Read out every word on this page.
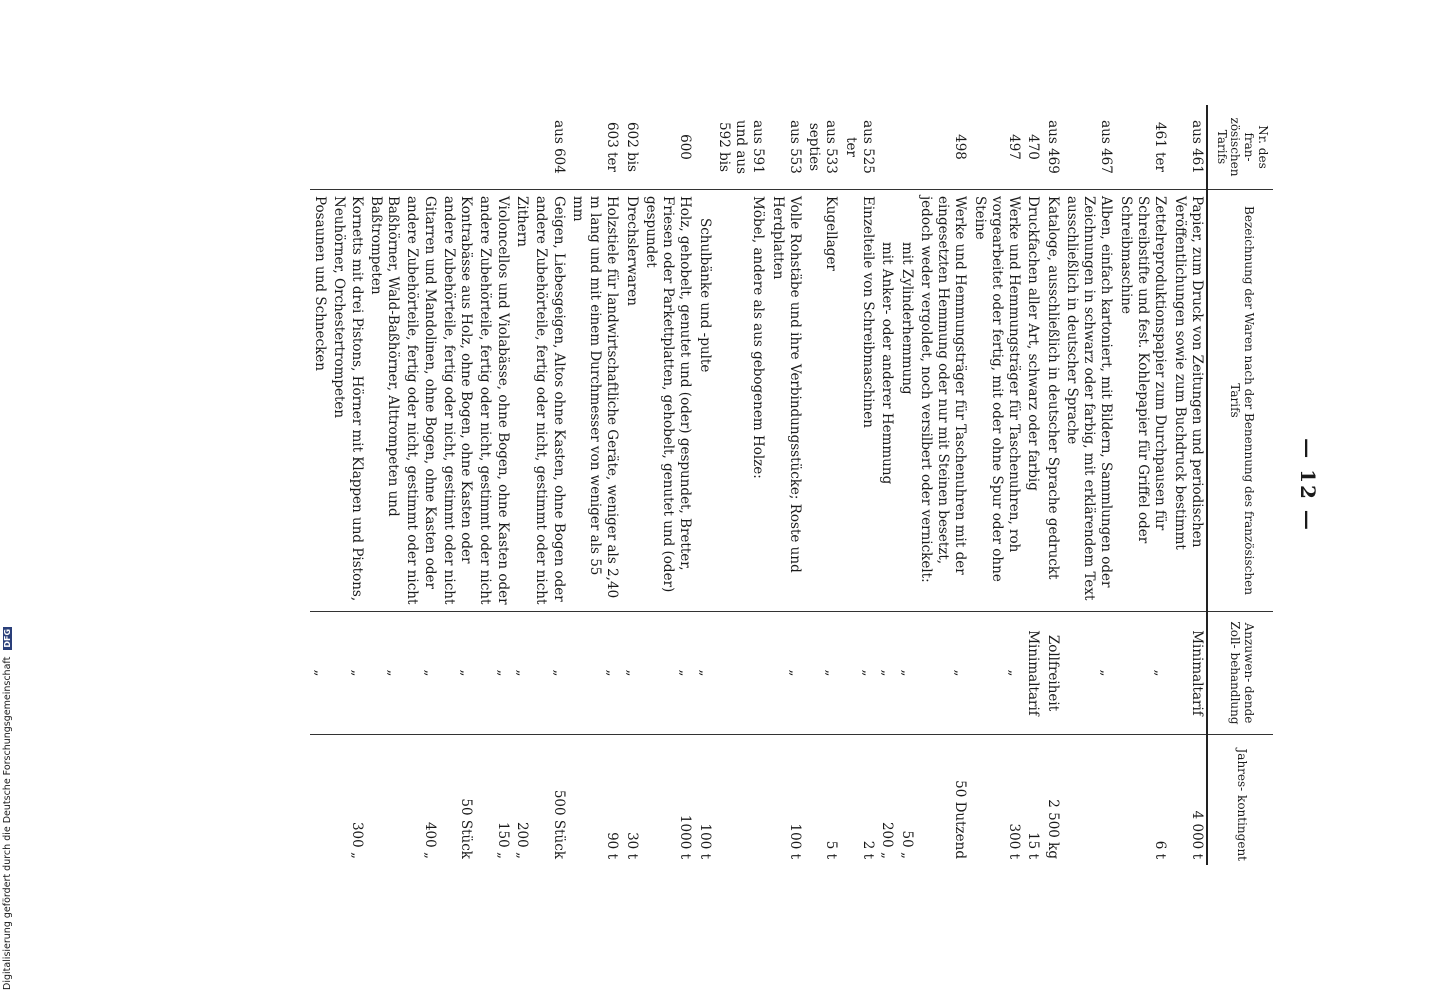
— 12 —
Nr. des fran- zösischen Tarifs	Bezeichnung der Waren nach der Benennung des französischen Tarifs	Anzuwen- dende Zoll- behandlung	Jahres- kontingent
aus 461	Papier, zum Druck von Zeitungen und periodischen Veröffentlichungen sowie zum Buchdruck bestimmt	Minimaltarif	4 000 t
461 ter	Zettelreproduktionspapier zum Durchpausen für Schreibstifte und fest. Kohlepapier für Griffel oder Schreibmaschine	„	6 t
aus 467	Alben, einfach kartoniert, mit Bildern, Sammlungen oder Zeichnungen in schwarz oder farbig, mit erklärendem Text ausschließlich in deutscher Sprache	„	
aus 469	Kataloge, ausschließlich in deutscher Sprache gedruckt	Zollfreiheit	2 500 kg
470	Druckfachen aller Art, schwarz oder farbig	Minimaltarif	15 t
497	Werke und Hemmungsträger für Taschenuhren, roh vorgearbeitet oder fertig, mit oder ohne Spur oder ohne Steine	„	300 t
498	Werke und Hemmungsträger für Taschenuhren mit der eingesetzten Hemmung oder nur mit Steinen besetzt, jedoch weder vergoldet, noch versilbert oder vernickelt:	„	50 Dutzend
	mit Zylinderhemmung	„	50 „
	mit Anker- oder anderer Hemmung	„	200 „
aus 525 ter	Einzelteile von Schreibmaschinen	„	2 t
aus 533 septies	Kugellager	„	5 t
aus 553	Volle Rohstäbe und ihre Verbindungsstücke; Roste und Herdplatten	„	100 t
aus 591 und aus 592 bis	Möbel, andere als aus gebogenem Holze:		
	Schulbänke und -pulte	„	100 t
600	Holz, gehobelt, genutet und (oder) gespundet, Bretter, Friesen oder Parkettplatten, gehobelt, genutet und (oder) gespundet	„	1000 t
602 bis	Drechslerwaren	„	30 t
603 ter	Holzstiele für landwirtschaftliche Geräte, weniger als 2,40 m lang und mit einem Durchmesser von weniger als 55 mm	„	90 t
aus 604	Geigen, Liebesgeigen, Altos ohne Kasten, ohne Bogen oder andere Zubehörteile, fertig oder nicht, gestimmt oder nicht	„	500 Stück
	Zithern	„	200 „
	Violoncellos und Violabässe, ohne Bogen, ohne Kasten oder andere Zubehörteile, fertig oder nicht, gestimmt oder nicht	„	150 „
	Kontrabässe aus Holz, ohne Bogen, ohne Kasten oder andere Zubehörteile, fertig oder nicht, gestimmt oder nicht	„	50 Stück
	Gitarren und Mandolinen, ohne Bogen, ohne Kasten oder andere Zubehörteile, fertig oder nicht, gestimmt oder nicht	„	400 „
	Baßhörner, Wald-Baßhörner, Alttrompeten und Baßtrompeten	„	
	Kornetts mit drei Pistons, Hörner mit Klappen und Pistons, Neuhörner, Orchestertrompeten	„	300 „
	Posaunen und Schnecken	„	
Digitalisierung gefördert durch die Deutsche Forschungsgemeinschaft DFG
